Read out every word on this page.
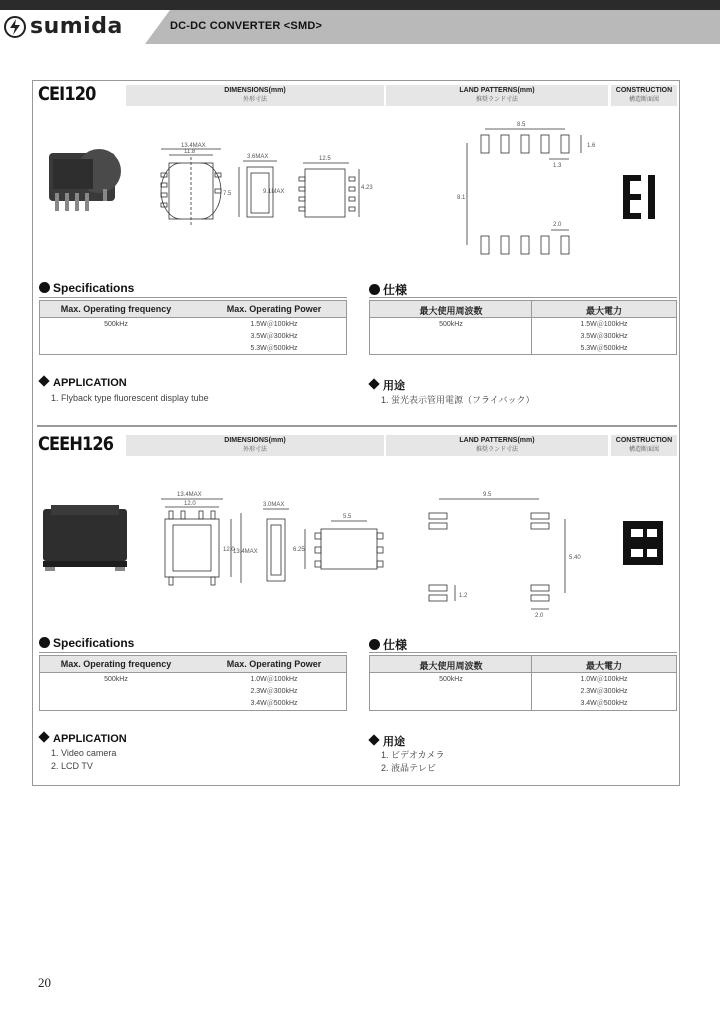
sumida	DC-DC CONVERTER <SMD>
CEI120	DIMENSIONS(mm)
外形寸法
LAND PATTERNS(mm)
推奨ランド寸法
CONSTRUCTION
構造断面図
13.4MAX
11.8
3.6MAX
9.1MAX
7.5
12.5
4.23
8.5
1.6
1.3
8.1
2.0
Specifications
Max. Operating frequency	Max. Operating Power
500kHz	1.5W＠100kHz
3.5W＠300kHz
5.3W＠500kHz
仕様
最大使用周波数	最大電力
500kHz	1.5W＠100kHz
3.5W＠300kHz
5.3W＠500kHz
APPLICATION
1. Flyback type fluorescent display tube
用途
1. 蛍光表示管用電源（フライバック）
CEEH126	DIMENSIONS(mm)
外形寸法
LAND PATTERNS(mm)
推奨ランド寸法
CONSTRUCTION
構造断面図
13.4MAX
12.0
12.0
13.4MAX
3.0MAX
5.5
6.25
9.5
5.40
1.2
2.0
Specifications
Max. Operating frequency	Max. Operating Power
500kHz	1.0W＠100kHz
2.3W＠300kHz
3.4W＠500kHz
仕様
最大使用周波数	最大電力
500kHz	1.0W＠100kHz
2.3W＠300kHz
3.4W＠500kHz
APPLICATION
1. Video camera
2. LCD TV
用途
1. ビデオカメラ
2. 液晶テレビ
20
